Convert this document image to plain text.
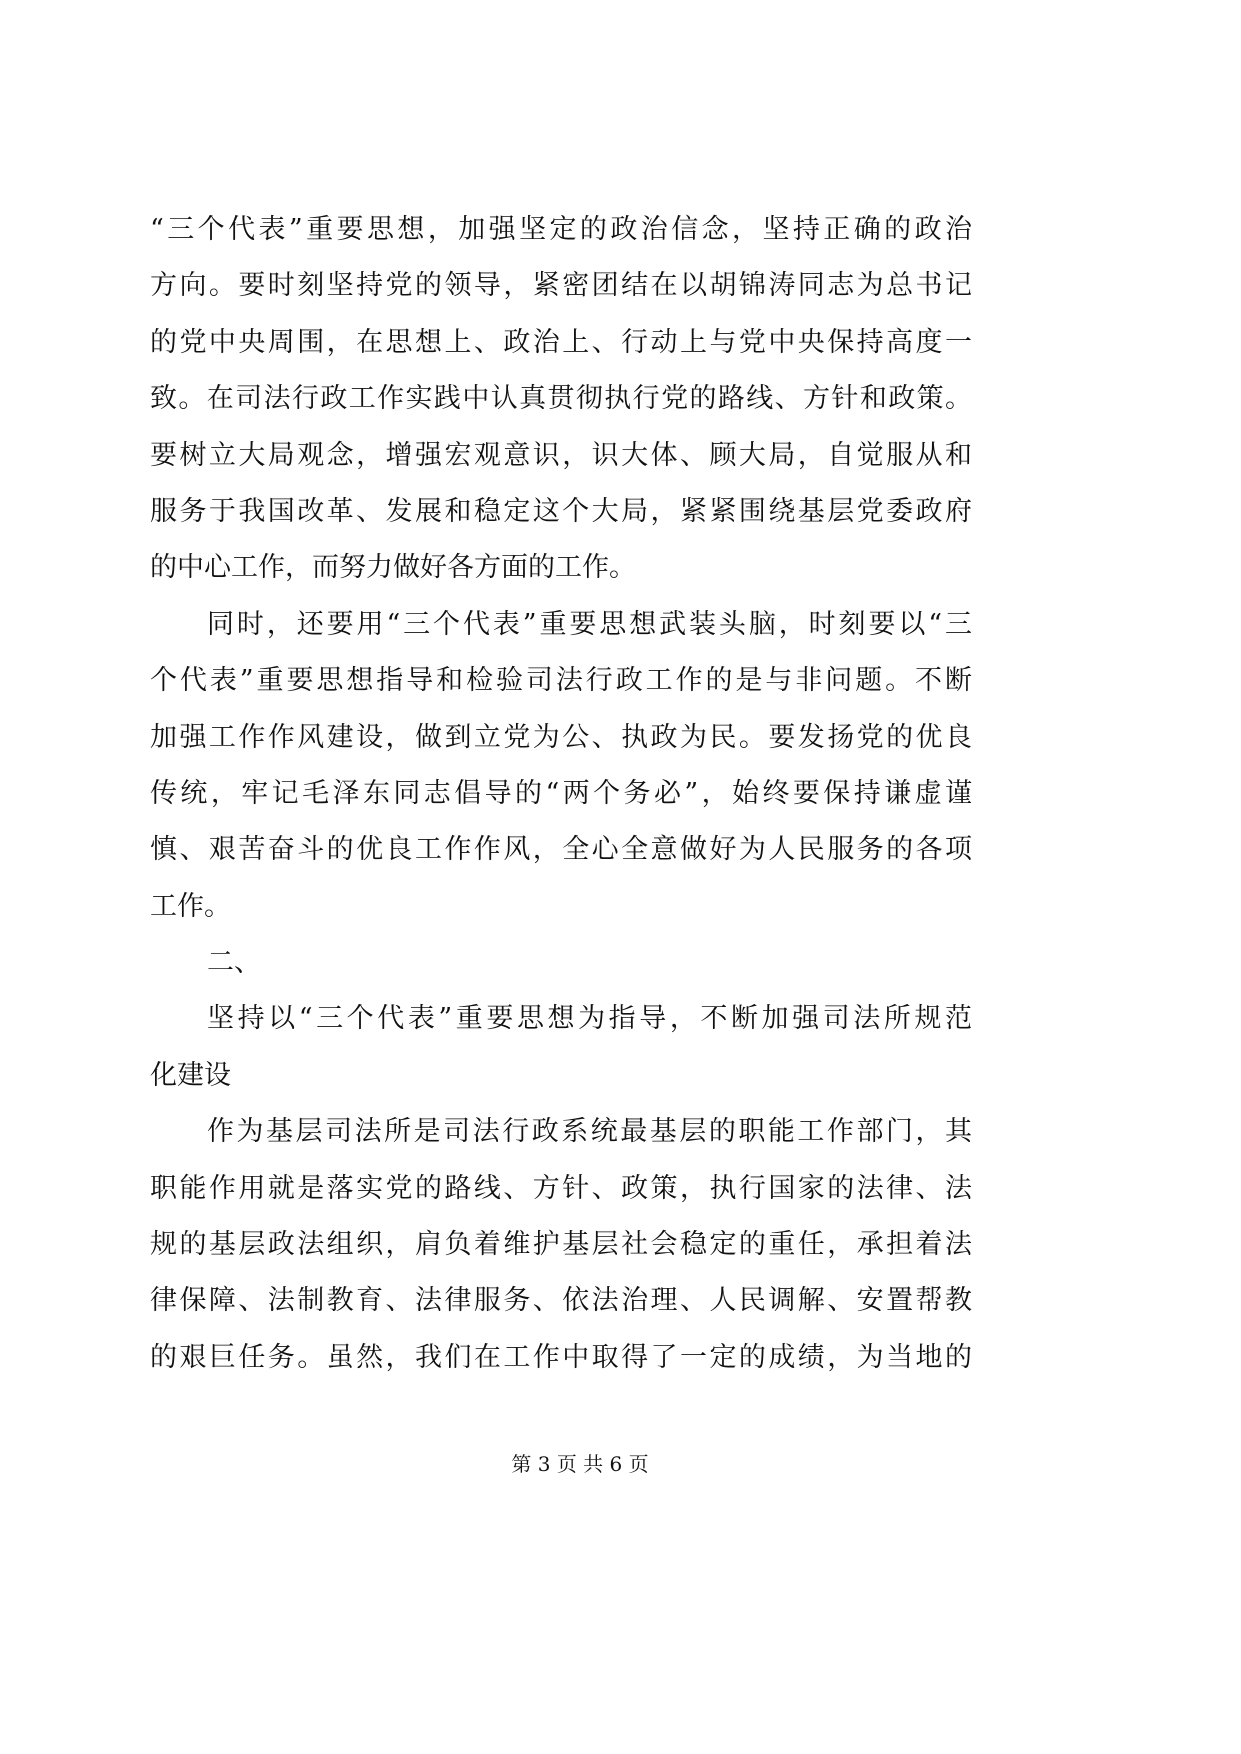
“三个代表”重要思想，加强坚定的政治信念，坚持正确的政治
方向。要时刻坚持党的领导，紧密团结在以胡锦涛同志为总书记
的党中央周围，在思想上、政治上、行动上与党中央保持高度一
致。在司法行政工作实践中认真贯彻执行党的路线、方针和政策。
要树立大局观念，增强宏观意识，识大体、顾大局，自觉服从和
服务于我国改革、发展和稳定这个大局，紧紧围绕基层党委政府
的中心工作，而努力做好各方面的工作。
同时，还要用“三个代表”重要思想武装头脑，时刻要以“三
个代表”重要思想指导和检验司法行政工作的是与非问题。不断
加强工作作风建设，做到立党为公、执政为民。要发扬党的优良
传统，牢记毛泽东同志倡导的“两个务必”，始终要保持谦虚谨
慎、艰苦奋斗的优良工作作风，全心全意做好为人民服务的各项
工作。
二、
坚持以“三个代表”重要思想为指导，不断加强司法所规范
化建设
作为基层司法所是司法行政系统最基层的职能工作部门，其
职能作用就是落实党的路线、方针、政策，执行国家的法律、法
规的基层政法组织，肩负着维护基层社会稳定的重任，承担着法
律保障、法制教育、法律服务、依法治理、人民调解、安置帮教
的艰巨任务。虽然，我们在工作中取得了一定的成绩，为当地的
第 3 页 共 6 页
